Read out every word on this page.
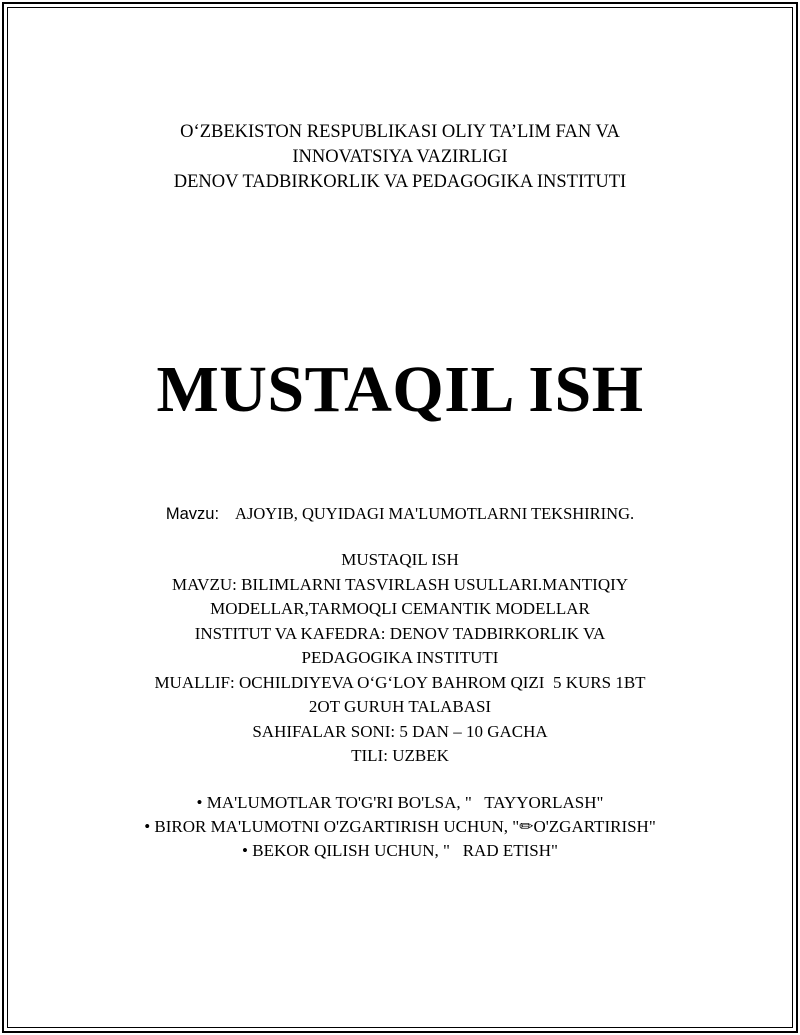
O‘ZBEKISTON RESPUBLIKASI OLIY TA’LIM FAN VA
INNOVATSIYA VAZIRLIGI
DENOV TADBIRKORLIK VA PEDAGOGIKA INSTITUTI
MUSTAQIL ISH
Mavzu: AJOYIB, QUYIDAGI MA'LUMOTLARNI TEKSHIRING.
MUSTAQIL ISH
MAVZU: BILIMLARNI TASVIRLASH USULLARI.MANTIQIY
MODELLAR,TARMOQLI CEMANTIK MODELLAR
INSTITUT VA KAFEDRA: DENOV TADBIRKORLIK VA
PEDAGOGIKA INSTITUTI
MUALLIF: OCHILDIYEVA O‘G‘LOY BAHROM QIZI  5 KURS 1BT
2OT GURUH TALABASI
SAHIFALAR SONI: 5 DAN – 10 GACHA
TILI: UZBEK
• MA'LUMOTLAR TO'G'RI BO'LSA, "   TAYYORLASH"
• BIROR MA'LUMOTNI O'ZGARTIRISH UCHUN, "✏O'ZGARTIRISH"
• BEKOR QILISH UCHUN, "   RAD ETISH"
